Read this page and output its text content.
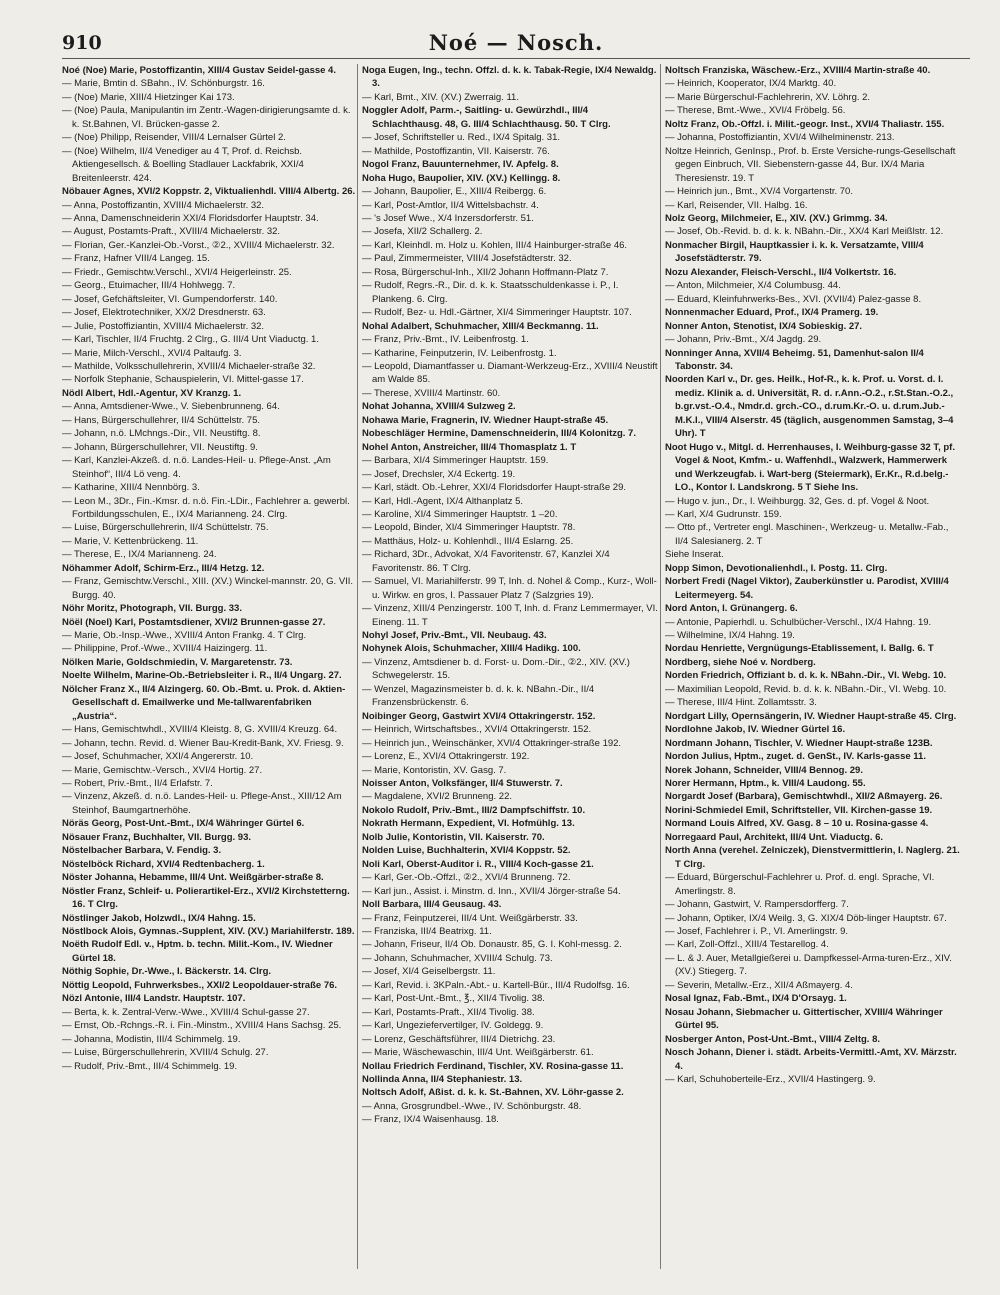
910	Noé — Nosch.
Noé (Noe) Marie, Postoffizantin, XIII/4 Gustav Seidel-gasse 4.
— Marie, Bmtin d. SBahn., IV. Schönburgstr. 16.
— (Noe) Marie, XIII/4 Hietzinger Kai 173.
— (Noe) Paula, Manipulantin im Zentr.-Wagen-dirigierungsamte d. k. k. St.Bahnen, VI. Brücken-gasse 2.
— (Noe) Philipp, Reisender, VIII/4 Lernalser Gürtel 2.
— (Noe) Wilhelm, II/4 Venediger au 4 T, Prof. d. Reichsb. Aktiengesellsch. & Boelling Stadlauer Lackfabrik, XXI/4 Breitenleerstr. 424.
Nöbauer Agnes, XVI/2 Koppstr. 2, Viktualienhdl. VIII/4 Albertg. 26.
— Anna, Postoffizantin, XVIII/4 Michaelerstr. 32.
— Anna, Damenschneiderin XXI/4 Floridsdorfer Hauptstr. 34.
— August, Postamts-Praft., XVIII/4 Michaelerstr. 32.
— Florian, Ger.-Kanzlei-Ob.-Vorst., ②2., XVIII/4 Michaelerstr. 32.
— Franz, Hafner VIII/4 Langeg. 15.
— Friedr., Gemischtw.Verschl., XVI/4 Heigerleinstr. 25.
— Georg., Etuimacher, III/4 Hohlwegg. 7.
— Josef, Gefchäftsleiter, VI. Gumpendorferstr. 140.
— Josef, Elektrotechniker, XX/2 Dresdnerstr. 63.
— Julie, Postoffiziantin, XVIII/4 Michaelerstr. 32.
— Karl, Tischler, II/4 Fruchtg. 2 Clrg., G. III/4 Unt Viaductg. 1.
— Marie, Milch-Verschl., XVI/4 Paltaufg. 3.
— Mathilde, Volksschullehrerin, XVIII/4 Michaeler-straße 32.
— Norfolk Stephanie, Schauspielerin, VI. Mittel-gasse 17.
Nödl Albert, Hdl.-Agentur, XV Kranzg. 1.
— Anna, Amtsdiener-Wwe., V. Siebenbrunneng. 64.
— Hans, Bürgerschullehrer, II/4 Schüttelstr. 75.
— Johann, n.ö. LMchngs.-Dir., VII. Neustiftg. 8.
— Johann, Bürgerschullehrer, VII. Neustiftg. 9.
— Karl, Kanzlei-Akzeß. d. n.ö. Landes-Heil- u. Pflege-Anst. „Am Steinhof“, III/4 Lö veng. 4.
— Katharine, XIII/4 Nennbörg. 3.
— Leon M., 3Dr., Fin.-Kmsr. d. n.ö. Fin.-LDir., Fachlehrer a. gewerbl. Fortbildungsschulen, E., IX/4 Marianneng. 24. Clrg.
— Luise, Bürgerschullehrerin, II/4 Schüttelstr. 75.
— Marie, V. Kettenbrückeng. 11.
— Therese, E., IX/4 Marianneng. 24.
Nöhammer Adolf, Schirm-Erz., III/4 Hetzg. 12.
— Franz, Gemischtw.Verschl., XIII. (XV.) Winckel-mannstr. 20, G. VII. Burgg. 40.
Nöhr Moritz, Photograph, VII. Burgg. 33.
Nöël (Noel) Karl, Postamtsdiener, XVI/2 Brunnen-gasse 27.
— Marie, Ob.-Insp.-Wwe., XVIII/4 Anton Frankg. 4. T Clrg.
— Philippine, Prof.-Wwe., XVIII/4 Haizingerg. 11.
Nölken Marie, Goldschmiedin, V. Margaretenstr. 73.
Noelte Wilhelm, Marine-Ob.-Betriebsleiter i. R., II/4 Ungarg. 27.
Nölcher Franz X., II/4 Alzingerg. 60. Ob.-Bmt. u. Prok. d. Aktien-Gesellschaft d. Emailwerke und Me-tallwarenfabriken „Austria“.
— Hans, Gemischtwhdl., XVIII/4 Kleistg. 8, G. XVIII/4 Kreuzg. 64.
— Johann, techn. Revid. d. Wiener Bau-Kredit-Bank, XV. Friesg. 9.
— Josef, Schuhmacher, XXI/4 Angererstr. 10.
— Marie, Gemischtw.-Versch., XVI/4 Hortig. 27.
— Robert, Priv.-Bmt., II/4 Erlafstr. 7.
— Vinzenz, Akzeß. d. n.ö. Landes-Heil- u. Pflege-Anst., XIII/12 Am Steinhof, Baumgartnerhöhe.
Nöräs Georg, Post-Unt.-Bmt., IX/4 Währinger Gürtel 6.
Nösauer Franz, Buchhalter, VII. Burgg. 93.
Nöstelbacher Barbara, V. Fendig. 3.
Nöstelböck Richard, XVI/4 Redtenbacherg. 1.
Nöster Johanna, Hebamme, III/4 Unt. Weißgärber-straße 8.
Nöstler Franz, Schleif- u. Polierartikel-Erz., XVI/2 Kirchstetterng. 16. T Clrg.
Nöstlinger Jakob, Holzwdl., IX/4 Hahng. 15.
Nöstlbock Alois, Gymnas.-Supplent, XIV. (XV.) Mariahilferstr. 189.
Noëth Rudolf Edl. v., Hptm. b. techn. Milit.-Kom., IV. Wiedner Gürtel 18.
Nöthig Sophie, Dr.-Wwe., I. Bäckerstr. 14. Clrg.
Nöttig Leopold, Fuhrwerksbes., XXI/2 Leopoldauer-straße 76.
Nözl Antonie, III/4 Landstr. Hauptstr. 107.
— Berta, k. k. Zentral-Verw.-Wwe., XVIII/4 Schul-gasse 27.
— Ernst, Ob.-Rchngs.-R. i. Fin.-Minstm., XVIII/4 Hans Sachsg. 25.
— Johanna, Modistin, III/4 Schimmelg. 19.
— Luise, Bürgerschullehrerin, XVIII/4 Schulg. 27.
— Rudolf, Priv.-Bmt., III/4 Schimmelg. 19.
Noga Eugen, Ing., techn. Offzl. d. k. k. Tabak-Regie, IX/4 Newaldg. 3.
— Karl, Bmt., XIV. (XV.) Zwerraig. 11.
Noggler Adolf, Parm.-, Saitling- u. Gewürzhdl., III/4 Schlachthausg. 48, G. III/4 Schlachthausg. 50. T Clrg.
— Josef, Schriftsteller u. Red., IX/4 Spitalg. 31.
— Mathilde, Postoffizantin, VII. Kaiserstr. 76.
Nogol Franz, Bauunternehmer, IV. Apfelg. 8.
Noha Hugo, Baupolier, XIV. (XV.) Kellingg. 8.
— Johann, Baupolier, E., XIII/4 Reibergg. 6.
— Karl, Post-Amtlor, II/4 Wittelsbachstr. 4.
— 's Josef Wwe., X/4 Inzersdorferstr. 51.
— Josefa, XII/2 Schallerg. 2.
— Karl, Kleinhdl. m. Holz u. Kohlen, III/4 Hainburger-straße 46.
— Paul, Zimmermeister, VIII/4 Josefstädterstr. 32.
— Rosa, Bürgerschul-Inh., XII/2 Johann Hoffmann-Platz 7.
— Rudolf, Regrs.-R., Dir. d. k. k. Staatsschuldenkasse i. P., I. Plankeng. 6. Clrg.
— Rudolf, Bez- u. Hdl.-Gärtner, XI/4 Simmeringer Hauptstr. 107.
Nohal Adalbert, Schuhmacher, XIII/4 Beckmanng. 11.
— Franz, Priv.-Bmt., IV. Leibenfrostg. 1.
— Katharine, Feinputzerin, IV. Leibenfrostg. 1.
— Leopold, Diamantfasser u. Diamant-Werkzeug-Erz., XVIII/4 Neustift am Walde 85.
— Therese, XVIII/4 Martinstr. 60.
Nohat Johanna, XVIII/4 Sulzweg 2.
Nohawa Marie, Fragnerin, IV. Wiedner Haupt-straße 45.
Nobeschläger Hermine, Damenschneiderin, III/4 Kolonitzg. 7.
Nohel Anton, Anstreicher, III/4 Thomasplatz 1. T
— Barbara, XI/4 Simmeringer Hauptstr. 159.
— Josef, Drechsler, X/4 Eckertg. 19.
— Karl, städt. Ob.-Lehrer, XXI/4 Floridsdorfer Haupt-straße 29.
— Karl, Hdl.-Agent, IX/4 Althanplatz 5.
— Karoline, XI/4 Simmeringer Hauptstr. 1 –20.
— Leopold, Binder, XI/4 Simmeringer Hauptstr. 78.
— Matthäus, Holz- u. Kohlenhdl., III/4 Eslarng. 25.
— Richard, 3Dr., Advokat, X/4 Favoritenstr. 67, Kanzlei X/4 Favoritenstr. 86. T Clrg.
— Samuel, VI. Mariahilferstr. 99 T, Inh. d. Nohel & Comp., Kurz-, Woll- u. Wirkw. en gros, I. Passauer Platz 7 (Salzgries 19).
— Vinzenz, XIII/4 Penzingerstr. 100 T, Inh. d. Franz Lemmermayer, VI. Eineng. 11. T
Nohyl Josef, Priv.-Bmt., VII. Neubaug. 43.
Nohynek Alois, Schuhmacher, XIII/4 Hadikg. 100.
— Vinzenz, Amtsdiener b. d. Forst- u. Dom.-Dir., ②2., XIV. (XV.) Schwegelerstr. 15.
— Wenzel, Magazinsmeister b. d. k. k. NBahn.-Dir., II/4 Franzensbrückenstr. 6.
Noibinger Georg, Gastwirt XVI/4 Ottakringerstr. 152.
— Heinrich, Wirtschaftsbes., XVI/4 Ottakringerstr. 152.
— Heinrich jun., Weinschänker, XVI/4 Ottakringer-straße 192.
— Lorenz, E., XVI/4 Ottakringerstr. 192.
— Marie, Kontoristin, XV. Gasg. 7.
Noisser Anton, Volksfänger, II/4 Stuwerstr. 7.
— Magdalene, XVI/2 Brunneng. 22.
Nokolo Rudolf, Priv.-Bmt., III/2 Dampfschiffstr. 10.
Nokrath Hermann, Expedient, VI. Hofmühlg. 13.
Nolb Julie, Kontoristin, VII. Kaiserstr. 70.
Nolden Luise, Buchhalterin, XVI/4 Koppstr. 52.
Noli Karl, Oberst-Auditor i. R., VIII/4 Koch-gasse 21.
— Karl, Ger.-Ob.-Offzl., ②2., XVI/4 Brunneng. 72.
— Karl jun., Assist. i. Minstm. d. Inn., XVII/4 Jörger-straße 54.
Noll Barbara, III/4 Geusaug. 43.
— Franz, Feinputzerei, III/4 Unt. Weißgärberstr. 33.
— Franziska, III/4 Beatrixg. 11.
— Johann, Friseur, II/4 Ob. Donaustr. 85, G. I. Kohl-messg. 2.
— Johann, Schuhmacher, XVIII/4 Schulg. 73.
— Josef, XI/4 Geiselbergstr. 11.
— Karl, Revid. i. 3KPaln.-Abt.- u. Kartell-Bür., III/4 Rudolfsg. 16.
— Karl, Post-Unt.-Bmt., ℥., XII/4 Tivolig. 38.
— Karl, Postamts-Praft., XII/4 Tivolig. 38.
— Karl, Ungeziefervertilger, IV. Goldegg. 9.
— Lorenz, Geschäftsführer, III/4 Dietrichg. 23.
— Marie, Wäschewaschin, III/4 Unt. Weißgärberstr. 61.
Nollau Friedrich Ferdinand, Tischler, XV. Rosina-gasse 11.
Nollinda Anna, II/4 Stephaniestr. 13.
Noltsch Adolf, Aßist. d. k. k. St.-Bahnen, XV. Löhr-gasse 2.
— Anna, Grosgrundbel.-Wwe., IV. Schönburgstr. 48.
— Franz, IX/4 Waisenhausg. 18.
Noltsch Franziska, Wäschew.-Erz., XVIII/4 Martin-straße 40.
— Heinrich, Kooperator, IX/4 Marktg. 40.
— Marie Bürgerschul-Fachlehrerin, XV. Löhrg. 2.
— Therese, Bmt.-Wwe., XVI/4 Fröbelg. 56.
Noltz Franz, Ob.-Offzl. i. Milit.-geogr. Inst., XVI/4 Thaliastr. 155.
— Johanna, Postoffiziantin, XVI/4 Wilhelminenstr. 213.
Noltze Heinrich, GenInsp., Prof. b. Erste Versiche-rungs-Gesellschaft gegen Einbruch, VII. Siebenstern-gasse 44, Bur. IX/4 Maria Theresienstr. 19. T
— Heinrich jun., Bmt., XV/4 Vorgartenstr. 70.
— Karl, Reisender, VII. Halbg. 16.
Nolz Georg, Milchmeier, E., XIV. (XV.) Grimmg. 34.
— Josef, Ob.-Revid. b. d. k. k. NBahn.-Dir., XX/4 Karl Meißlstr. 12.
Nonmacher Birgil, Hauptkassier i. k. k. Versatzamte, VIII/4 Josefstädterstr. 79.
Nozu Alexander, Fleisch-Verschl., II/4 Volkertstr. 16.
— Anton, Milchmeier, X/4 Columbusg. 44.
— Eduard, Kleinfuhrwerks-Bes., XVI. (XVII/4) Palez-gasse 8.
Nonnenmacher Eduard, Prof., IX/4 Pramerg. 19.
Nonner Anton, Stenotist, IX/4 Sobieskig. 27.
— Johann, Priv.-Bmt., X/4 Jagdg. 29.
Nonninger Anna, XVII/4 Beheimg. 51, Damenhut-salon II/4 Tabonstr. 34.
Noorden Karl v., Dr. ges. Heilk., Hof-R., k. k. Prof. u. Vorst. d. I. mediz. Klinik a. d. Universität, R. d. r.Ann.-O.2., r.St.Stan.-O.2., b.gr.vst.-O.4., Nmdr.d. grch.-CO., d.rum.Kr.-O. u. d.rum.Jub.-M.K.I., VIII/4 Alserstr. 45 (täglich, ausgenommen Samstag, 3–4 Uhr). T
Noot Hugo v., Mitgl. d. Herrenhauses, I. Weihburg-gasse 32 T, pf. Vogel & Noot, Kmfm.- u. Waffenhdl., Walzwerk, Hammerwerk und Werkzeugfab. i. Wart-berg (Steiermark), Er.Kr., R.d.belg.-LO., Kontor I. Landskrong. 5 T Siehe Ins.
— Hugo v. jun., Dr., I. Weihburgg. 32, Ges. d. pf. Vogel & Noot.
— Karl, X/4 Gudrunstr. 159.
— Otto pf., Vertreter engl. Maschinen-, Werkzeug- u. Metallw.-Fab., II/4 Salesianerg. 2. T
Siehe Inserat.
Nopp Simon, Devotionalienhdl., I. Postg. 11. Clrg.
Norbert Fredi (Nagel Viktor), Zauberkünstler u. Parodist, XVIII/4 Leitermeyerg. 54.
Nord Anton, I. Grünangerg. 6.
— Antonie, Papierhdl. u. Schulbücher-Verschl., IX/4 Hahng. 19.
— Wilhelmine, IX/4 Hahng. 19.
Nordau Henriette, Vergnügungs-Etablissement, I. Ballg. 6. T
Nordberg, siehe Noé v. Nordberg.
Norden Friedrich, Offiziant b. d. k. k. NBahn.-Dir., VI. Webg. 10.
— Maximilian Leopold, Revid. b. d. k. k. NBahn.-Dir., VI. Webg. 10.
— Therese, III/4 Hint. Zollamtsstr. 3.
Nordgart Lilly, Opernsängerin, IV. Wiedner Haupt-straße 45. Clrg.
Nordlohne Jakob, IV. Wiedner Gürtel 16.
Nordmann Johann, Tischler, V. Wiedner Haupt-straße 123B.
Nordon Julius, Hptm., zuget. d. GenSt., IV. Karls-gasse 11.
Norek Johann, Schneider, VIII/4 Bennog. 29.
Norer Hermann, Hptm., k. VIII/4 Laudong. 55.
Norgardt Josef (Barbara), Gemischtwhdl., XII/2 Aßmayerg. 26.
Norini-Schmiedel Emil, Schriftsteller, VII. Kirchen-gasse 19.
Normand Louis Alfred, XV. Gasg. 8 – 10 u. Rosina-gasse 4.
Norregaard Paul, Architekt, III/4 Unt. Viaductg. 6.
North Anna (verehel. Zelniczek), Dienstvermittlerin, I. Naglerg. 21. T Clrg.
— Eduard, Bürgerschul-Fachlehrer u. Prof. d. engl. Sprache, VI. Amerlingstr. 8.
— Johann, Gastwirt, V. Rampersdorfferg. 7.
— Johann, Optiker, IX/4 Weilg. 3, G. XIX/4 Döb-linger Hauptstr. 67.
— Josef, Fachlehrer i. P., VI. Amerlingstr. 9.
— Karl, Zoll-Offzl., XIII/4 Testarellog. 4.
— L. & J. Auer, Metallgießerei u. Dampfkessel-Arma-turen-Erz., XIV. (XV.) Stiegerg. 7.
— Severin, Metallw.-Erz., XII/4 Aßmayerg. 4.
Nosal Ignaz, Fab.-Bmt., IX/4 D'Orsayg. 1.
Nosau Johann, Siebmacher u. Gittertischer, XVIII/4 Währinger Gürtel 95.
Nosberger Anton, Post-Unt.-Bmt., VIII/4 Zeltg. 8.
Nosch Johann, Diener i. städt. Arbeits-Vermittl.-Amt, XV. Märzstr. 4.
— Karl, Schuhoberteile-Erz., XVII/4 Hastingerg. 9.
